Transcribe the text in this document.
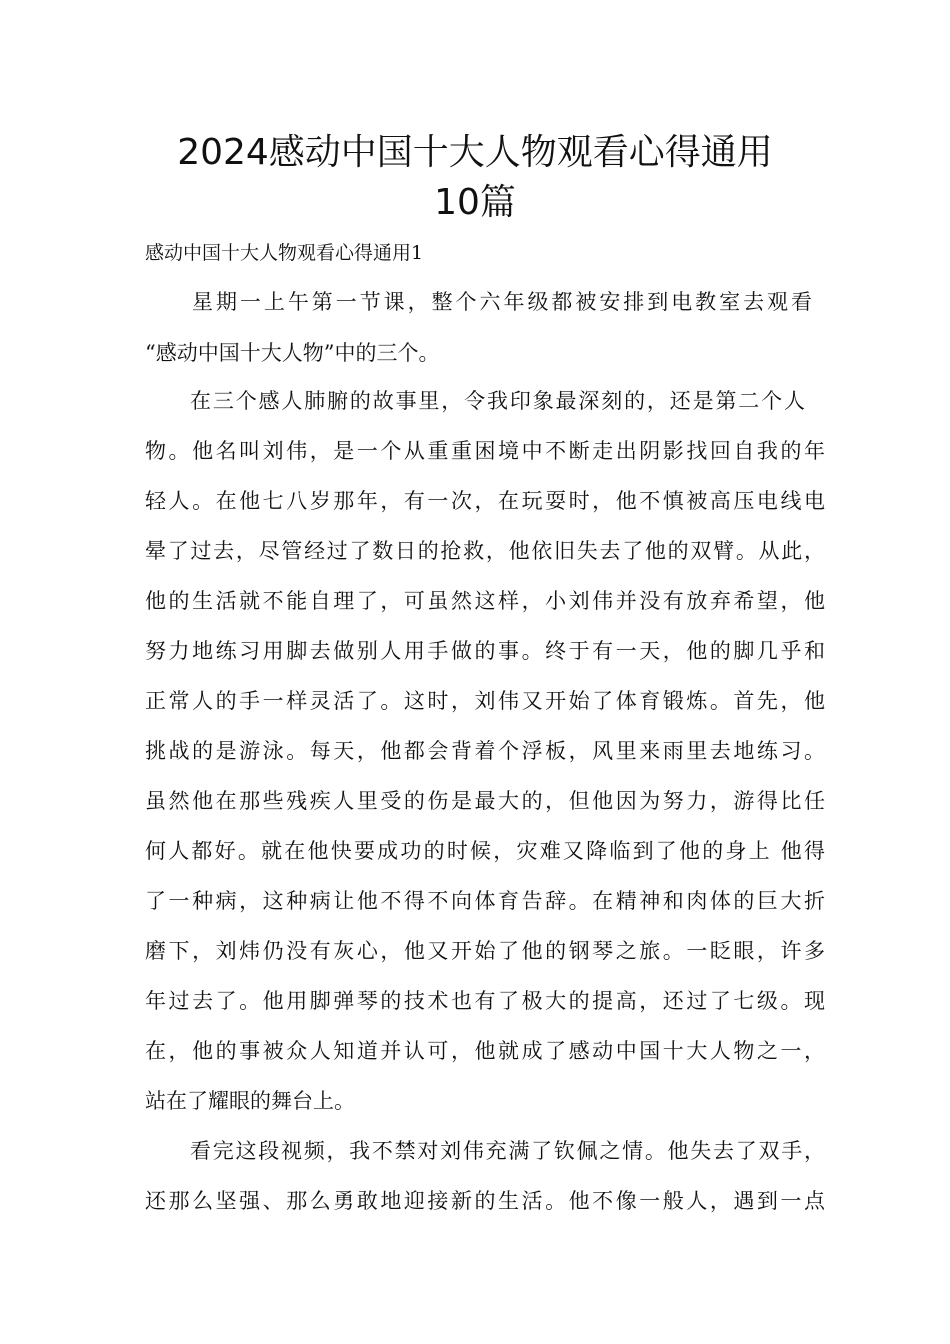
2024感动中国十大人物观看心得通用
10篇
感动中国十大人物观看心得通用1
星期一上午第一节课，整个六年级都被安排到电教室去观看
“感动中国十大人物”中的三个。
在三个感人肺腑的故事里，令我印象最深刻的，还是第二个人
物。他名叫刘伟，是一个从重重困境中不断走出阴影找回自我的年
轻人。在他七八岁那年，有一次，在玩耍时，他不慎被高压电线电
晕了过去，尽管经过了数日的抢救，他依旧失去了他的双臂。从此，
他的生活就不能自理了，可虽然这样，小刘伟并没有放弃希望，他
努力地练习用脚去做别人用手做的事。终于有一天，他的脚几乎和
正常人的手一样灵活了。这时，刘伟又开始了体育锻炼。首先，他
挑战的是游泳。每天，他都会背着个浮板，风里来雨里去地练习。
虽然他在那些残疾人里受的伤是最大的，但他因为努力，游得比任
何人都好。就在他快要成功的时候，灾难又降临到了他的身上 他得
了一种病，这种病让他不得不向体育告辞。在精神和肉体的巨大折
磨下，刘炜仍没有灰心，他又开始了他的钢琴之旅。一眨眼，许多
年过去了。他用脚弹琴的技术也有了极大的提高，还过了七级。现
在，他的事被众人知道并认可，他就成了感动中国十大人物之一，
站在了耀眼的舞台上。
看完这段视频，我不禁对刘伟充满了钦佩之情。他失去了双手，
还那么坚强、那么勇敢地迎接新的生活。他不像一般人，遇到一点
